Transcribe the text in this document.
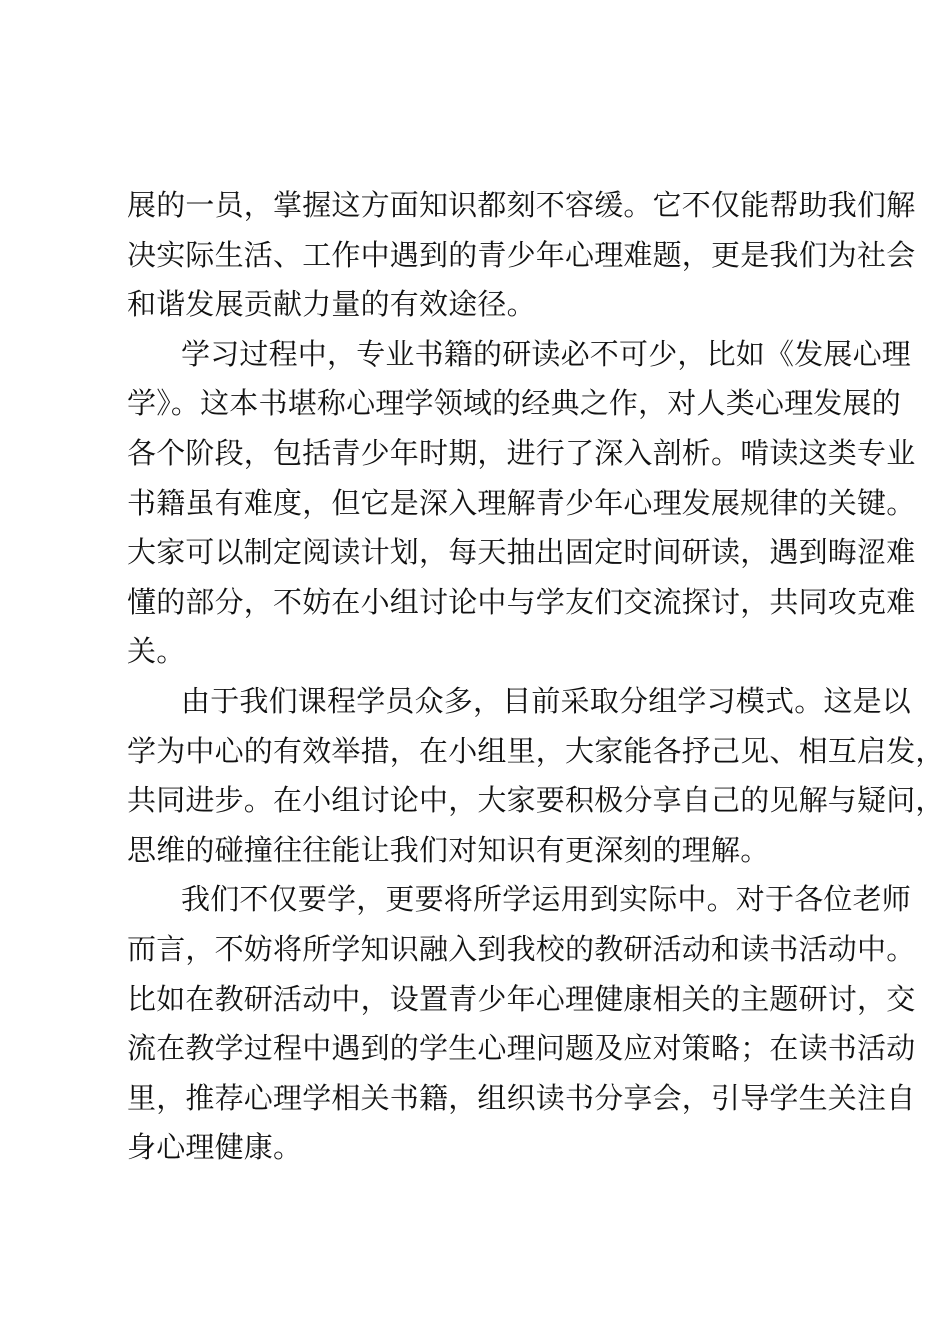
展的一员，掌握这方面知识都刻不容缓。它不仅能帮助我们解
决实际生活、工作中遇到的青少年心理难题，更是我们为社会
和谐发展贡献力量的有效途径。
学习过程中，专业书籍的研读必不可少，比如《发展心理
学》。这本书堪称心理学领域的经典之作，对人类心理发展的
各个阶段，包括青少年时期，进行了深入剖析。啃读这类专业
书籍虽有难度，但它是深入理解青少年心理发展规律的关键。
大家可以制定阅读计划，每天抽出固定时间研读，遇到晦涩难
懂的部分，不妨在小组讨论中与学友们交流探讨，共同攻克难
关。
由于我们课程学员众多，目前采取分组学习模式。这是以
学为中心的有效举措，在小组里，大家能各抒己见、相互启发，
共同进步。在小组讨论中，大家要积极分享自己的见解与疑问，
思维的碰撞往往能让我们对知识有更深刻的理解。
我们不仅要学，更要将所学运用到实际中。对于各位老师
而言，不妨将所学知识融入到我校的教研活动和读书活动中。
比如在教研活动中，设置青少年心理健康相关的主题研讨，交
流在教学过程中遇到的学生心理问题及应对策略；在读书活动
里，推荐心理学相关书籍，组织读书分享会，引导学生关注自
身心理健康。
